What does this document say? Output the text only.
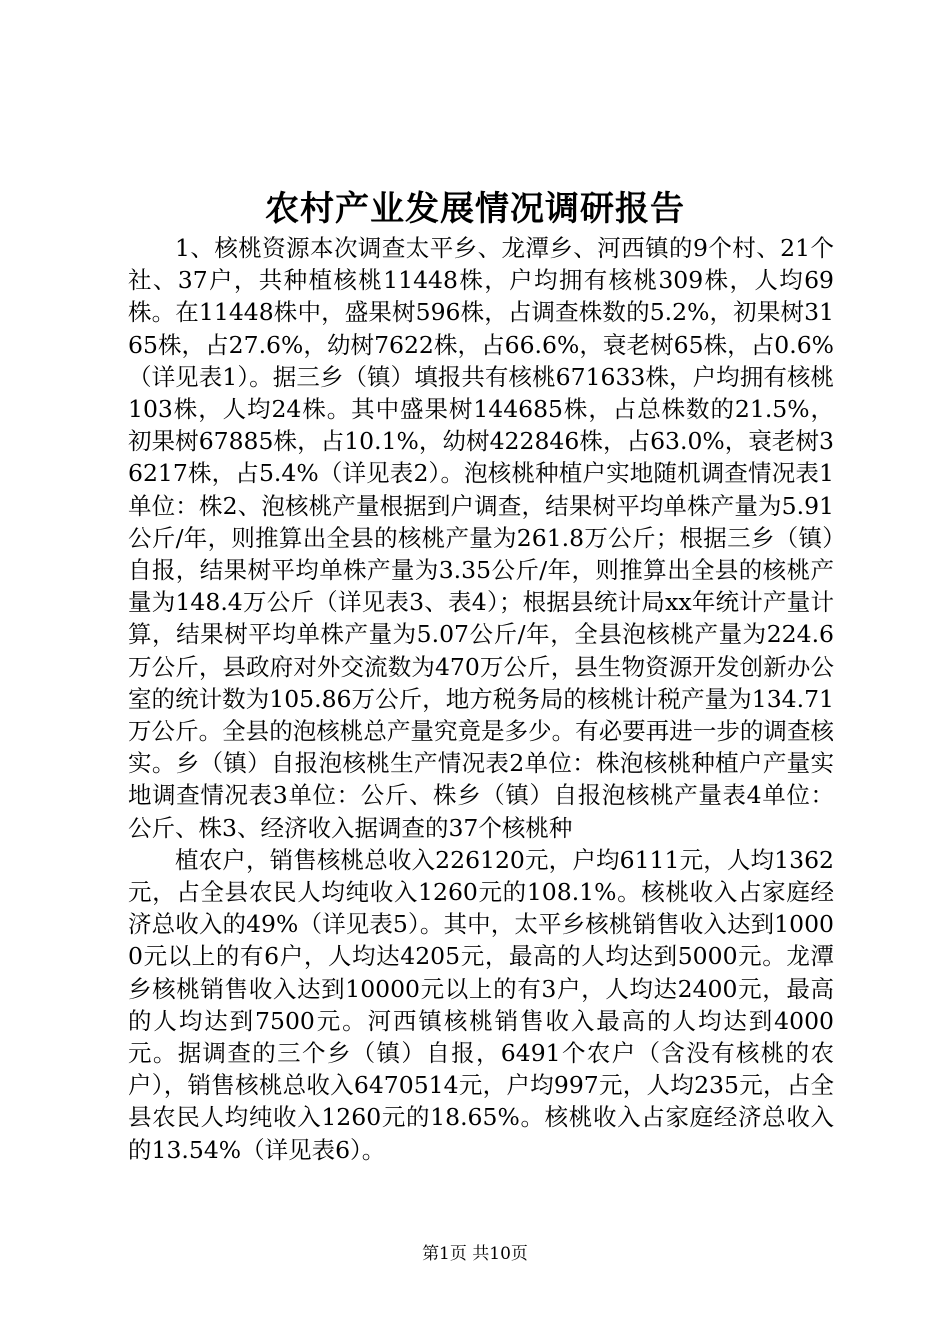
农村产业发展情况调研报告

1、核桃资源本次调查太平乡、龙潭乡、河西镇的9个村、21个社、37户，共种植核桃11448株，户均拥有核桃309株，人均69株。在11448株中，盛果树596株，占调查株数的5.2%，初果树3165株，占27.6%，幼树7622株，占66.6%，衰老树65株，占0.6%（详见表1）。据三乡（镇）填报共有核桃671633株，户均拥有核桃103株，人均24株。其中盛果树144685株，占总株数的21.5%，初果树67885株，占10.1%，幼树422846株，占63.0%，衰老树36217株，占5.4%（详见表2）。泡核桃种植户实地随机调查情况表1单位：株2、泡核桃产量根据到户调查，结果树平均单株产量为5.91公斤/年，则推算出全县的核桃产量为261.8万公斤；根据三乡（镇）自报，结果树平均单株产量为3.35公斤/年，则推算出全县的核桃产量为148.4万公斤（详见表3、表4）；根据县统计局xx年统计产量计算，结果树平均单株产量为5.07公斤/年，全县泡核桃产量为224.6万公斤，县政府对外交流数为470万公斤，县生物资源开发创新办公室的统计数为105.86万公斤，地方税务局的核桃计税产量为134.71万公斤。全县的泡核桃总产量究竟是多少。有必要再进一步的调查核实。乡（镇）自报泡核桃生产情况表2单位：株泡核桃种植户产量实地调查情况表3单位：公斤、株乡（镇）自报泡核桃产量表4单位：公斤、株3、经济收入据调查的37个核桃种

植农户，销售核桃总收入226120元，户均6111元，人均1362元，占全县农民人均纯收入1260元的108.1%。核桃收入占家庭经济总收入的49%（详见表5）。其中，太平乡核桃销售收入达到10000元以上的有6户，人均达4205元，最高的人均达到5000元。龙潭乡核桃销售收入达到10000元以上的有3户，人均达2400元，最高的人均达到7500元。河西镇核桃销售收入最高的人均达到4000元。据调查的三个乡（镇）自报，6491个农户（含没有核桃的农户），销售核桃总收入6470514元，户均997元，人均235元，占全县农民人均纯收入1260元的18.65%。核桃收入占家庭经济总收入的13.54%（详见表6）。

第1页 共10页
